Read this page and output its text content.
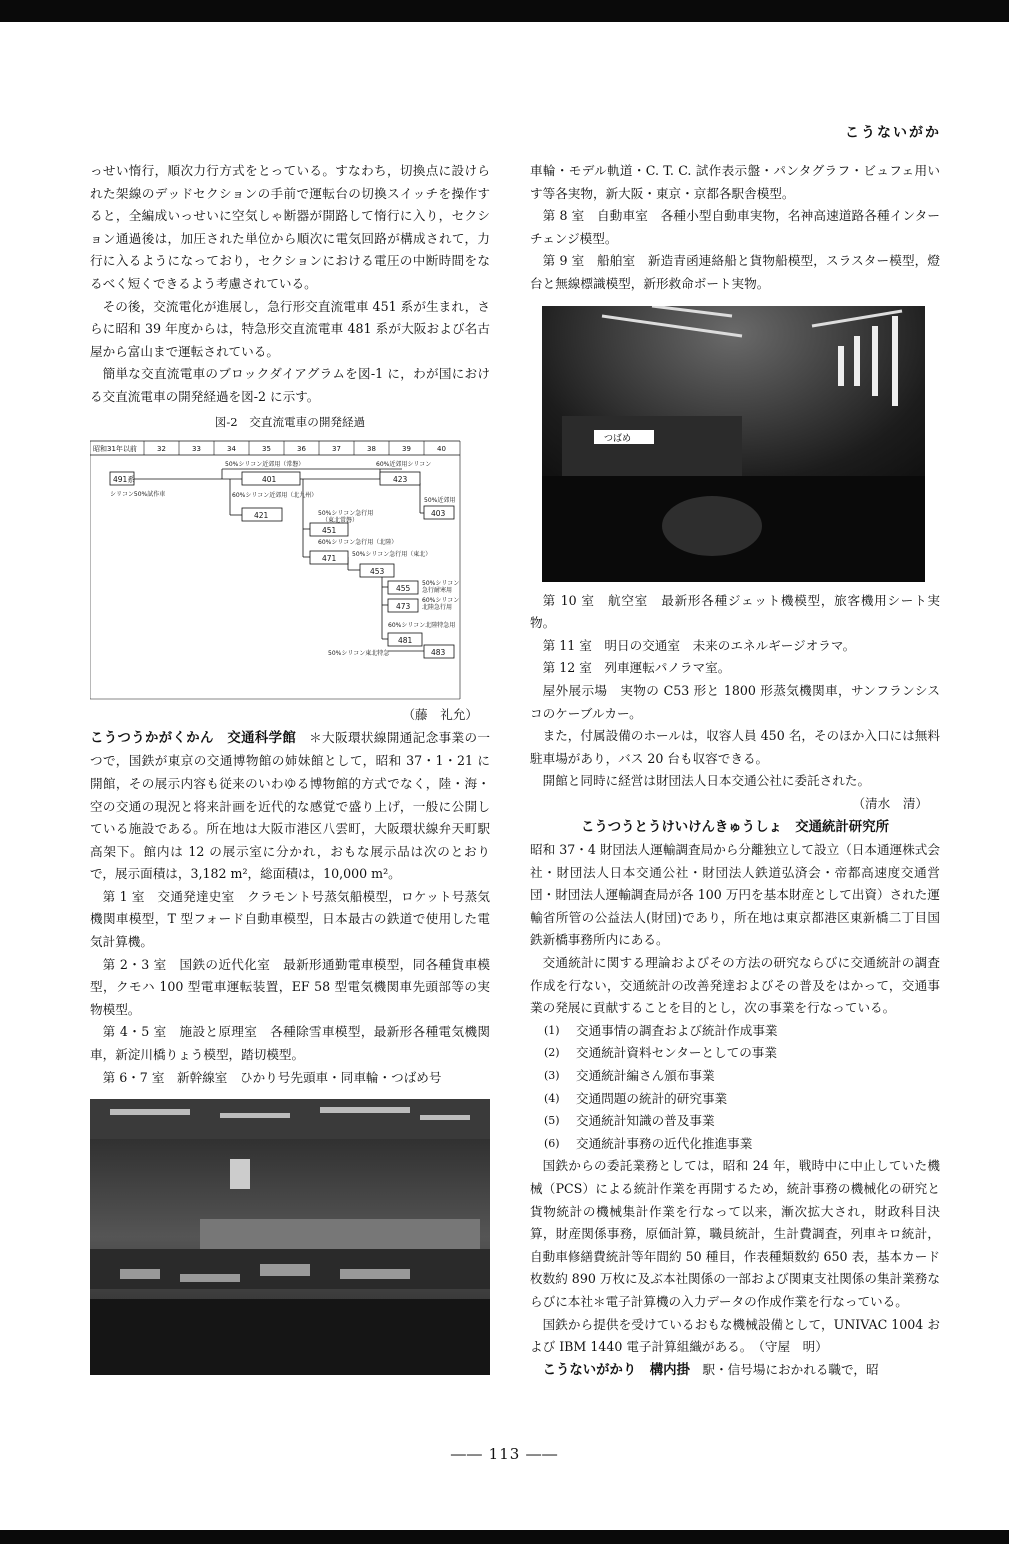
こうないがか

っせい惰行，順次力行方式をとっている。すなわち，切換点に設けられた架線のデッドセクションの手前で運転台の切換スイッチを操作すると，全編成いっせいに空気しゃ断器が開路して惰行に入り，セクション通過後は，加圧された単位から順次に電気回路が構成されて，力行に入るようになっており，セクションにおける電圧の中断時間をなるべく短くできるよう考慮されている。

その後，交流電化が進展し，急行形交直流電車 451 系が生まれ，さらに昭和 39 年度からは，特急形交直流電車 481 系が大阪および名古屋から富山まで運転されている。

簡単な交直流電車のブロックダイアグラムを図-1 に，わが国における交直流電車の開発経過を図-2 に示す。

図-2　交直流電車の開発経過
昭和31年以前	32	33	34	35	36	37	38	39	40
491系	401	423
421	403
451
471
453
455
473
481
483
シリコン50%試作車
50%シリコン近郊用（常磐）	60%近郊用シリコン
60%シリコン近郊用（北九州）
50%近郊用
50%シリコン急行用
（東北常磐）
60%シリコン急行用（北陸）
50%シリコン急行用（東北）
50%シリコン
急行耐寒用
60%シリコン
北陸急行用
60%シリコン北陸特急用
50%シリコン東北特急

（藤　礼允）

こうつうかがくかん　交通科学館　 ＊大阪環状線開通記念事業の一つで，国鉄が東京の交通博物館の姉妹館として，昭和 37・1・21 に開館，その展示内容も従来のいわゆる博物館的方式でなく，陸・海・空の交通の現況と将来計画を近代的な感覚で盛り上げ，一般に公開している施設である。所在地は大阪市港区八雲町，大阪環状線弁天町駅高架下。館内は 12 の展示室に分かれ，おもな展示品は次のとおりで，展示面積は，3,182 m²，総面積は，10,000 m²。

第 1 室　交通発達史室　クラモント号蒸気船模型，ロケット号蒸気機関車模型，T 型フォード自動車模型，日本最古の鉄道で使用した電気計算機。

第 2・3 室　国鉄の近代化室　最新形通勤電車模型，同各種貨車模型，クモハ 100 型電車運転装置，EF 58 型電気機関車先頭部等の実物模型。

第 4・5 室　施設と原理室　各種除雪車模型，最新形各種電気機関車，新淀川橋りょう模型，踏切模型。

第 6・7 室　新幹線室　ひかり号先頭車・同車輪・つばめ号

車輪・モデル軌道・C. T. C. 試作表示盤・パンタグラフ・ビュフェ用いす等各実物，新大阪・東京・京都各駅舎模型。

第 8 室　自動車室　各種小型自動車実物，名神高速道路各種インターチェンジ模型。

第 9 室　船舶室　新造青函連絡船と貨物船模型，スラスター模型，燈台と無線標識模型，新形救命ボート実物。

つばめ

第 10 室　航空室　最新形各種ジェット機模型，旅客機用シート実物。

第 11 室　明日の交通室　未来のエネルギージオラマ。

第 12 室　列車運転パノラマ室。

屋外展示場　実物の C53 形と 1800 形蒸気機関車，サンフランシスコのケーブルカー。

また，付属設備のホールは，収容人員 450 名，そのほか入口には無料駐車場があり，バス 20 台も収容できる。

開館と同時に経営は財団法人日本交通公社に委託された。

（清水　清）

こうつうとうけいけんきゅうしょ　交通統計研究所

昭和 37・4 財団法人運輸調査局から分離独立して設立（日本通運株式会社・財団法人日本交通公社・財団法人鉄道弘済会・帝都高速度交通営団・財団法人運輸調査局が各 100 万円を基本財産として出資）された運輸省所管の公益法人(財団)であり，所在地は東京都港区東新橋二丁目国鉄新橋事務所内にある。

交通統計に関する理論およびその方法の研究ならびに交通統計の調査作成を行ない，交通統計の改善発達およびその普及をはかって，交通事業の発展に貢献することを目的とし，次の事業を行なっている。

(1) 交通事情の調査および統計作成事業
(2) 交通統計資料センターとしての事業
(3) 交通統計編さん頒布事業
(4) 交通問題の統計的研究事業
(5) 交通統計知識の普及事業
(6) 交通統計事務の近代化推進事業

国鉄からの委託業務としては，昭和 24 年，戦時中に中止していた機械（PCS）による統計作業を再開するため，統計事務の機械化の研究と貨物統計の機械集計作業を行なって以来，漸次拡大され，財政科目決算，財産関係事務，原価計算，職員統計，生計費調査，列車キロ統計，自動車修繕費統計等年間約 50 種目，作表種類数約 650 表，基本カード枚数約 890 万枚に及ぶ本社関係の一部および関東支社関係の集計業務ならびに本社＊電子計算機の入力データの作成作業を行なっている。

国鉄から提供を受けているおもな機械設備として，UNIVAC 1004 および IBM 1440 電子計算組織がある。　 （守屋　明）

こうないがかり　構内掛　 駅・信号場におかれる職で，昭

―― 113 ――
